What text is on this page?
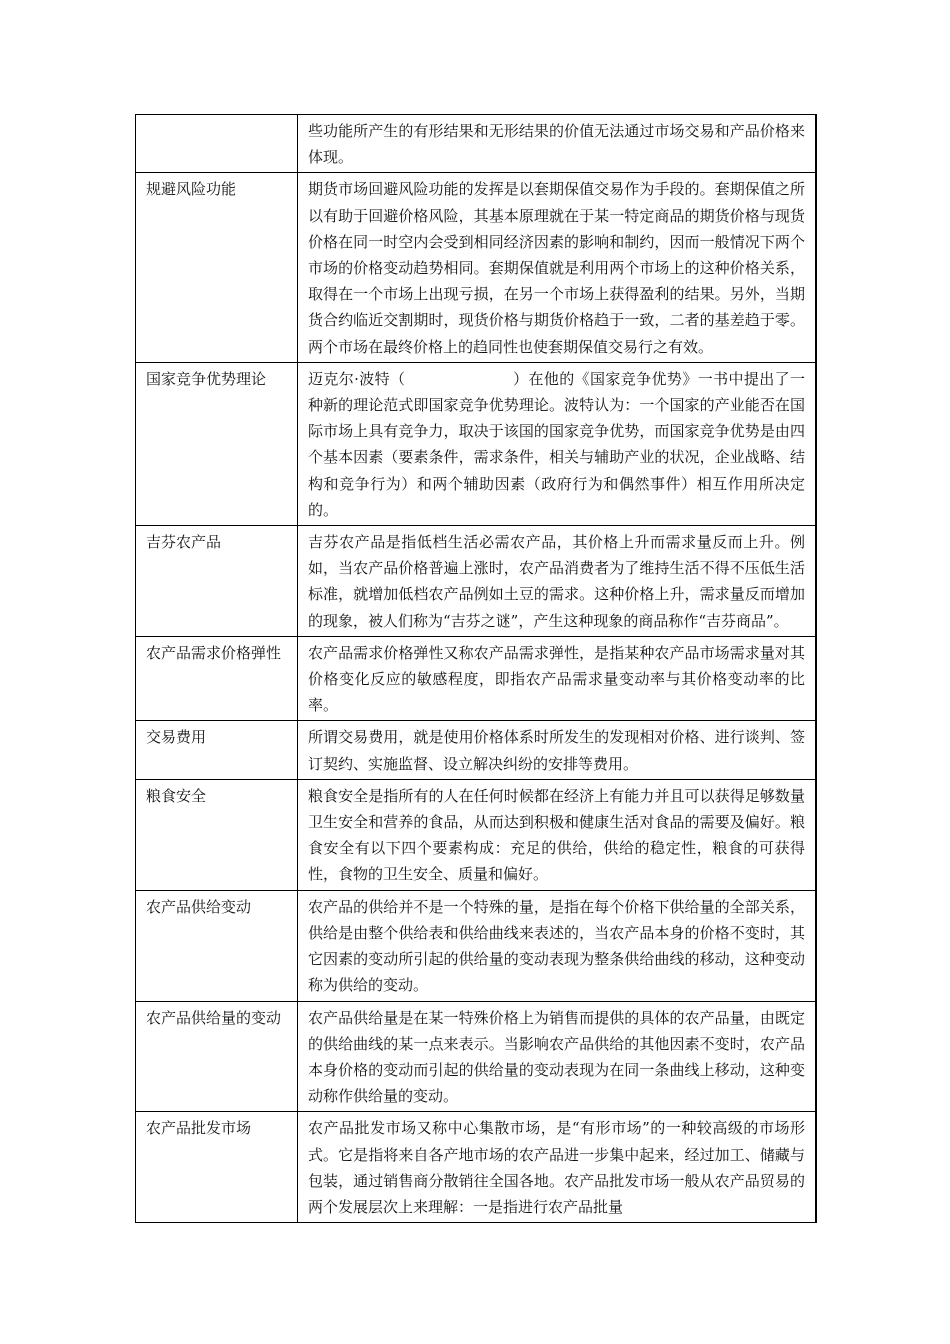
	些功能所产生的有形结果和无形结果的价值无法通过市场交易和产品价格来体现。
规避风险功能	期货市场回避风险功能的发挥是以套期保值交易作为手段的。套期保值之所以有助于回避价格风险，其基本原理就在于某一特定商品的期货价格与现货价格在同一时空内会受到相同经济因素的影响和制约，因而一般情况下两个市场的价格变动趋势相同。套期保值就是利用两个市场上的这种价格关系，取得在一个市场上出现亏损，在另一个市场上获得盈利的结果。另外，当期货合约临近交割期时，现货价格与期货价格趋于一致，二者的基差趋于零。两个市场在最终价格上的趋同性也使套期保值交易行之有效。
国家竞争优势理论	迈克尔·波特（　　　　　　　）在他的《国家竞争优势》一书中提出了一种新的理论范式即国家竞争优势理论。波特认为：一个国家的产业能否在国际市场上具有竞争力，取决于该国的国家竞争优势，而国家竞争优势是由四个基本因素（要素条件，需求条件，相关与辅助产业的状况，企业战略、结构和竞争行为）和两个辅助因素（政府行为和偶然事件）相互作用所决定的。
吉芬农产品	吉芬农产品是指低档生活必需农产品，其价格上升而需求量反而上升。例如，当农产品价格普遍上涨时，农产品消费者为了维持生活不得不压低生活标准，就增加低档农产品例如土豆的需求。这种价格上升，需求量反而增加的现象，被人们称为“吉芬之谜”，产生这种现象的商品称作“吉芬商品”。
农产品需求价格弹性	农产品需求价格弹性又称农产品需求弹性，是指某种农产品市场需求量对其价格变化反应的敏感程度，即指农产品需求量变动率与其价格变动率的比率。
交易费用	所谓交易费用，就是使用价格体系时所发生的发现相对价格、进行谈判、签订契约、实施监督、设立解决纠纷的安排等费用。
粮食安全	粮食安全是指所有的人在任何时候都在经济上有能力并且可以获得足够数量卫生安全和营养的食品，从而达到积极和健康生活对食品的需要及偏好。粮食安全有以下四个要素构成：充足的供给，供给的稳定性，粮食的可获得性，食物的卫生安全、质量和偏好。
农产品供给变动	农产品的供给并不是一个特殊的量，是指在每个价格下供给量的全部关系，供给是由整个供给表和供给曲线来表述的，当农产品本身的价格不变时，其它因素的变动所引起的供给量的变动表现为整条供给曲线的移动，这种变动称为供给的变动。
农产品供给量的变动	农产品供给量是在某一特殊价格上为销售而提供的具体的农产品量，由既定的供给曲线的某一点来表示。当影响农产品供给的其他因素不变时，农产品本身价格的变动而引起的供给量的变动表现为在同一条曲线上移动，这种变动称作供给量的变动。
农产品批发市场	农产品批发市场又称中心集散市场，是“有形市场”的一种较高级的市场形式。它是指将来自各产地市场的农产品进一步集中起来，经过加工、储藏与包装，通过销售商分散销往全国各地。农产品批发市场一般从农产品贸易的两个发展层次上来理解：一是指进行农产品批量
